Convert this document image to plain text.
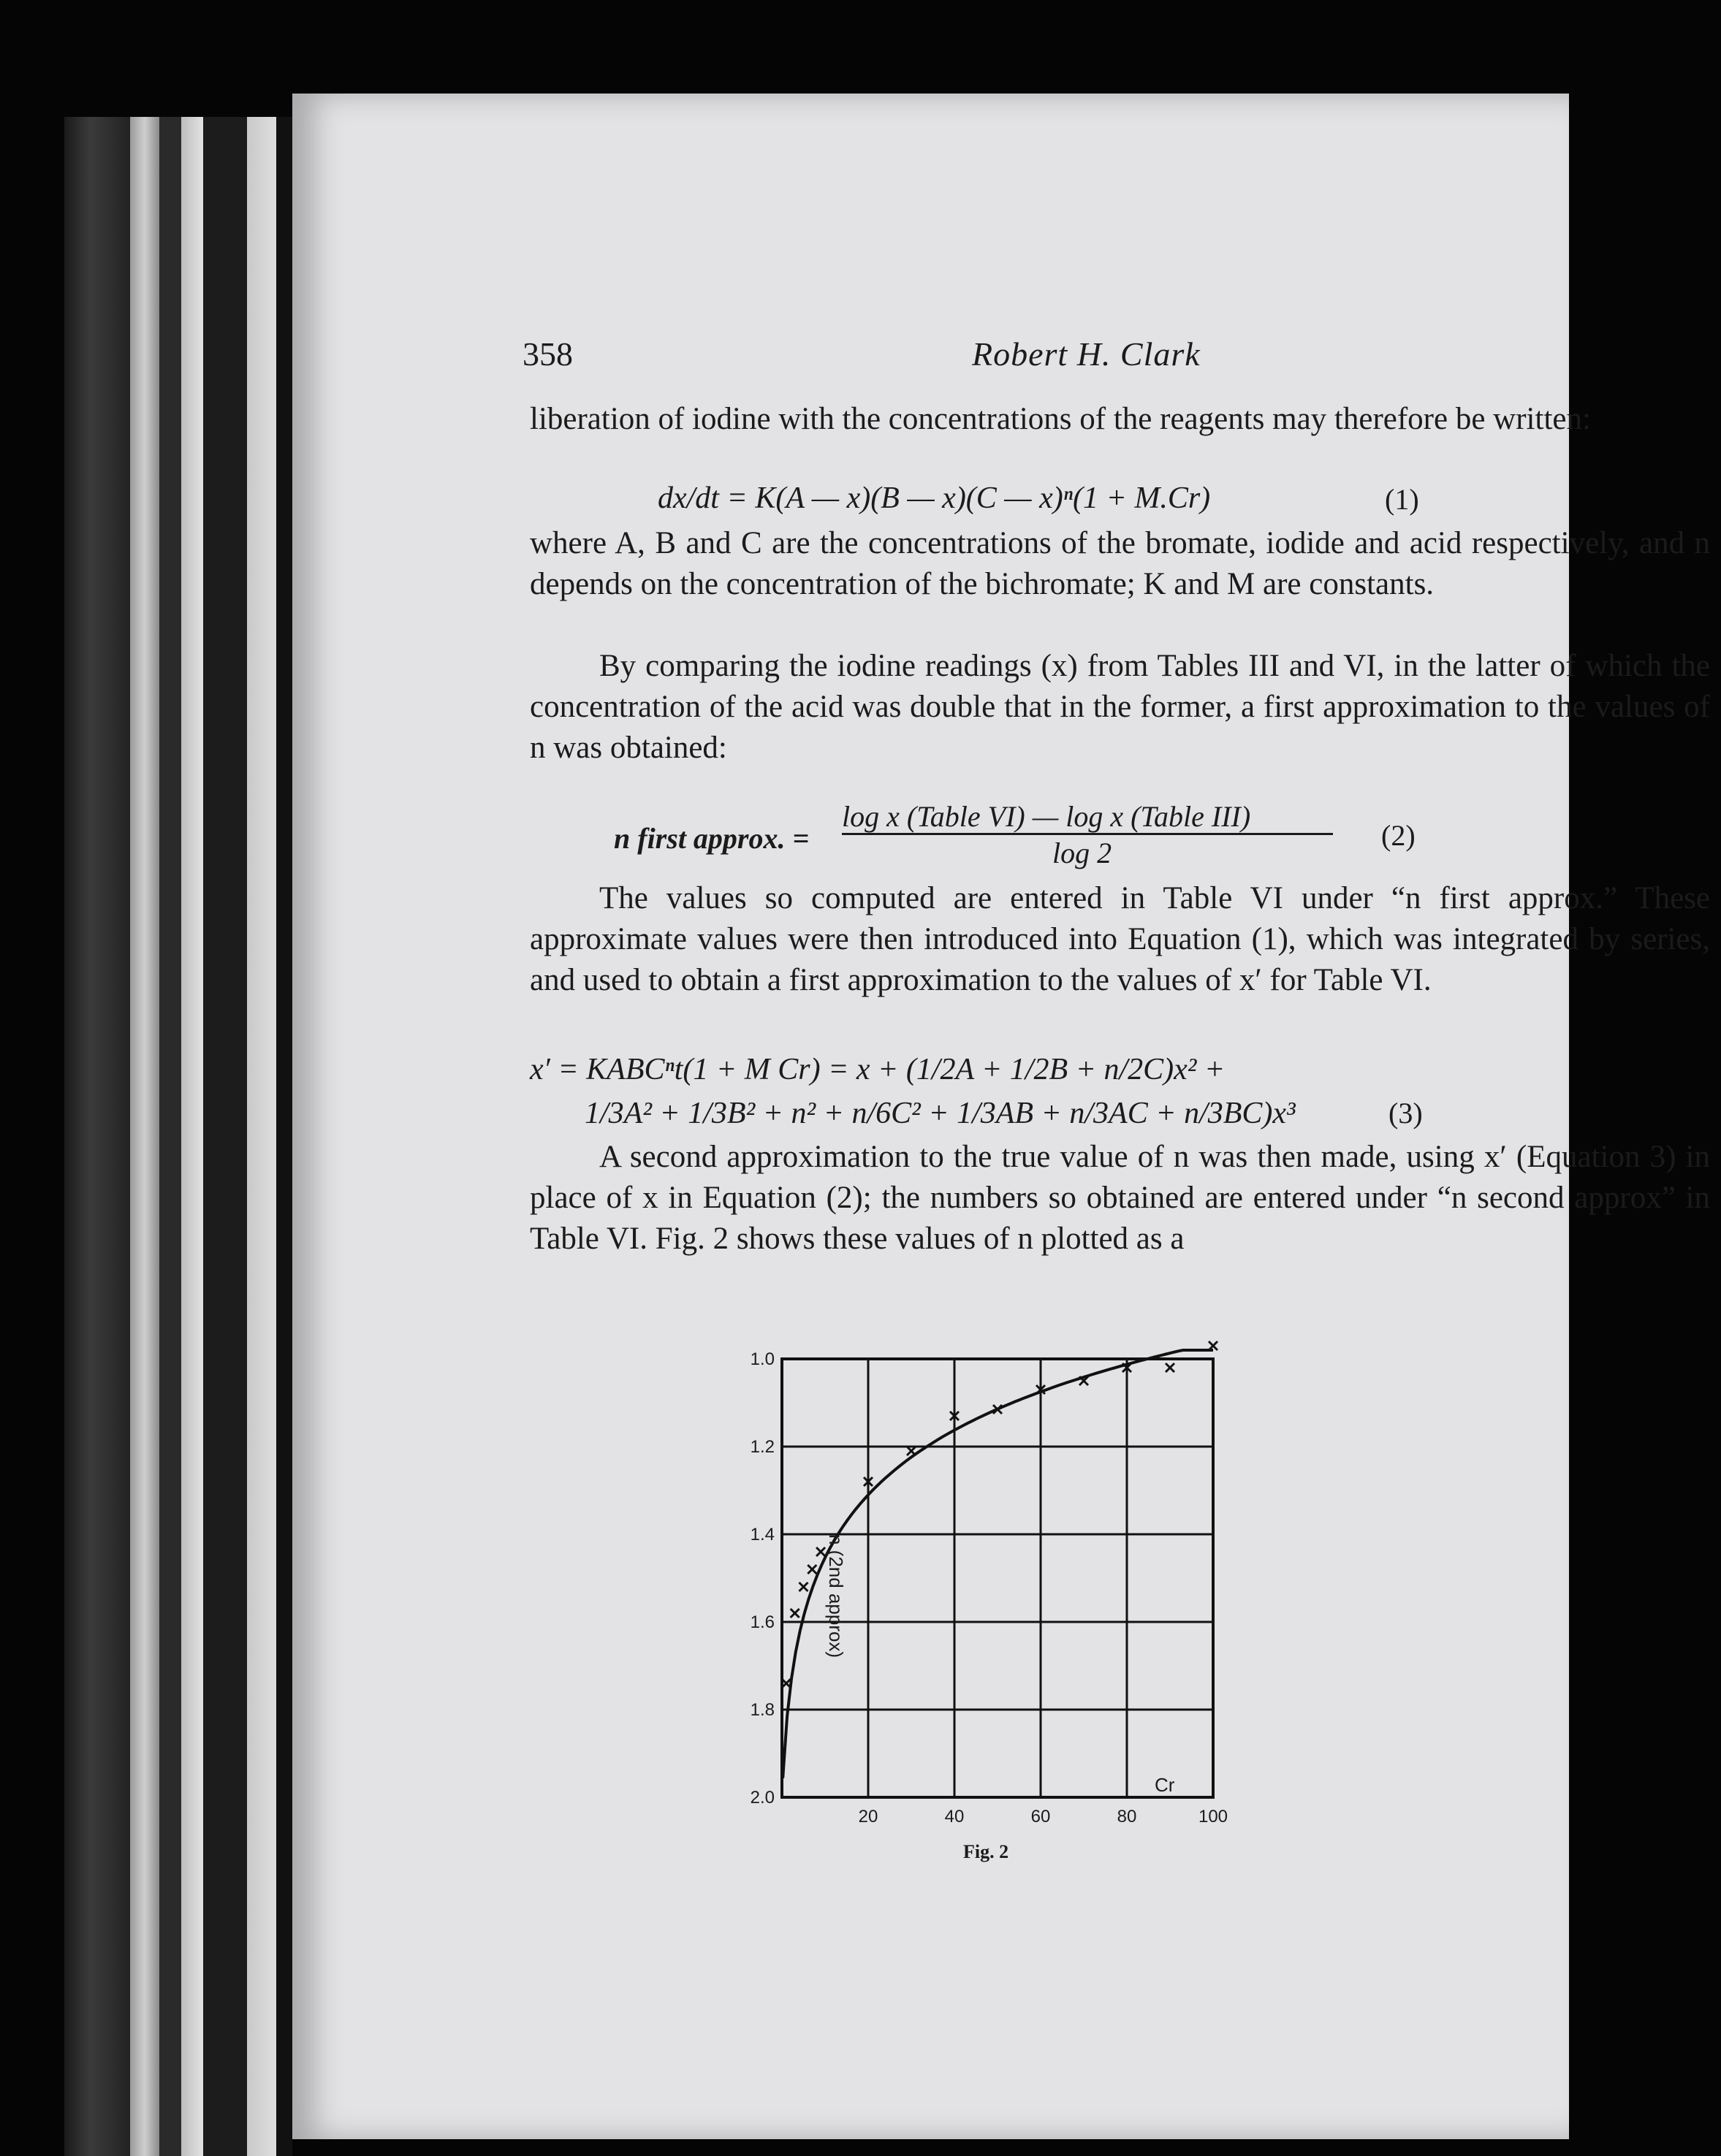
358	Robert H. Clark
liberation of iodine with the concentrations of the reagents may therefore be written:
dx/dt = K(A — x)(B — x)(C — x)ⁿ(1 + M.Cr)	(1)
where A, B and C are the concentrations of the bromate, iodide and acid respectively, and n depends on the concentration of the bichromate; K and M are constants.
By comparing the iodine readings (x) from Tables III and VI, in the latter of which the concentration of the acid was double that in the former, a first approximation to the values of n was obtained:
n first approx. =
log x (Table VI) — log x (Table III)
log 2
(2)
The values so computed are entered in Table VI under “n first approx.” These approximate values were then introduced into Equation (1), which was integrated by series, and used to obtain a first approximation to the values of x′ for Table VI.
x′ = KABCⁿt(1 + M Cr) = x + (1/2A + 1/2B + n/2C)x² +
1/3A² + 1/3B² + n² + n/6C² + 1/3AB + n/3AC + n/3BC)x³	(3)
A second approximation to the true value of n was then made, using x′ (Equation 3) in place of x in Equation (2); the numbers so obtained are entered under “n second approx” in Table VI. Fig. 2 shows these values of n plotted as a
Fig. 2
1.0
1.2
1.4
1.6
1.8
2.0
20	40	60	80	100
n (2nd approx)
Cr
